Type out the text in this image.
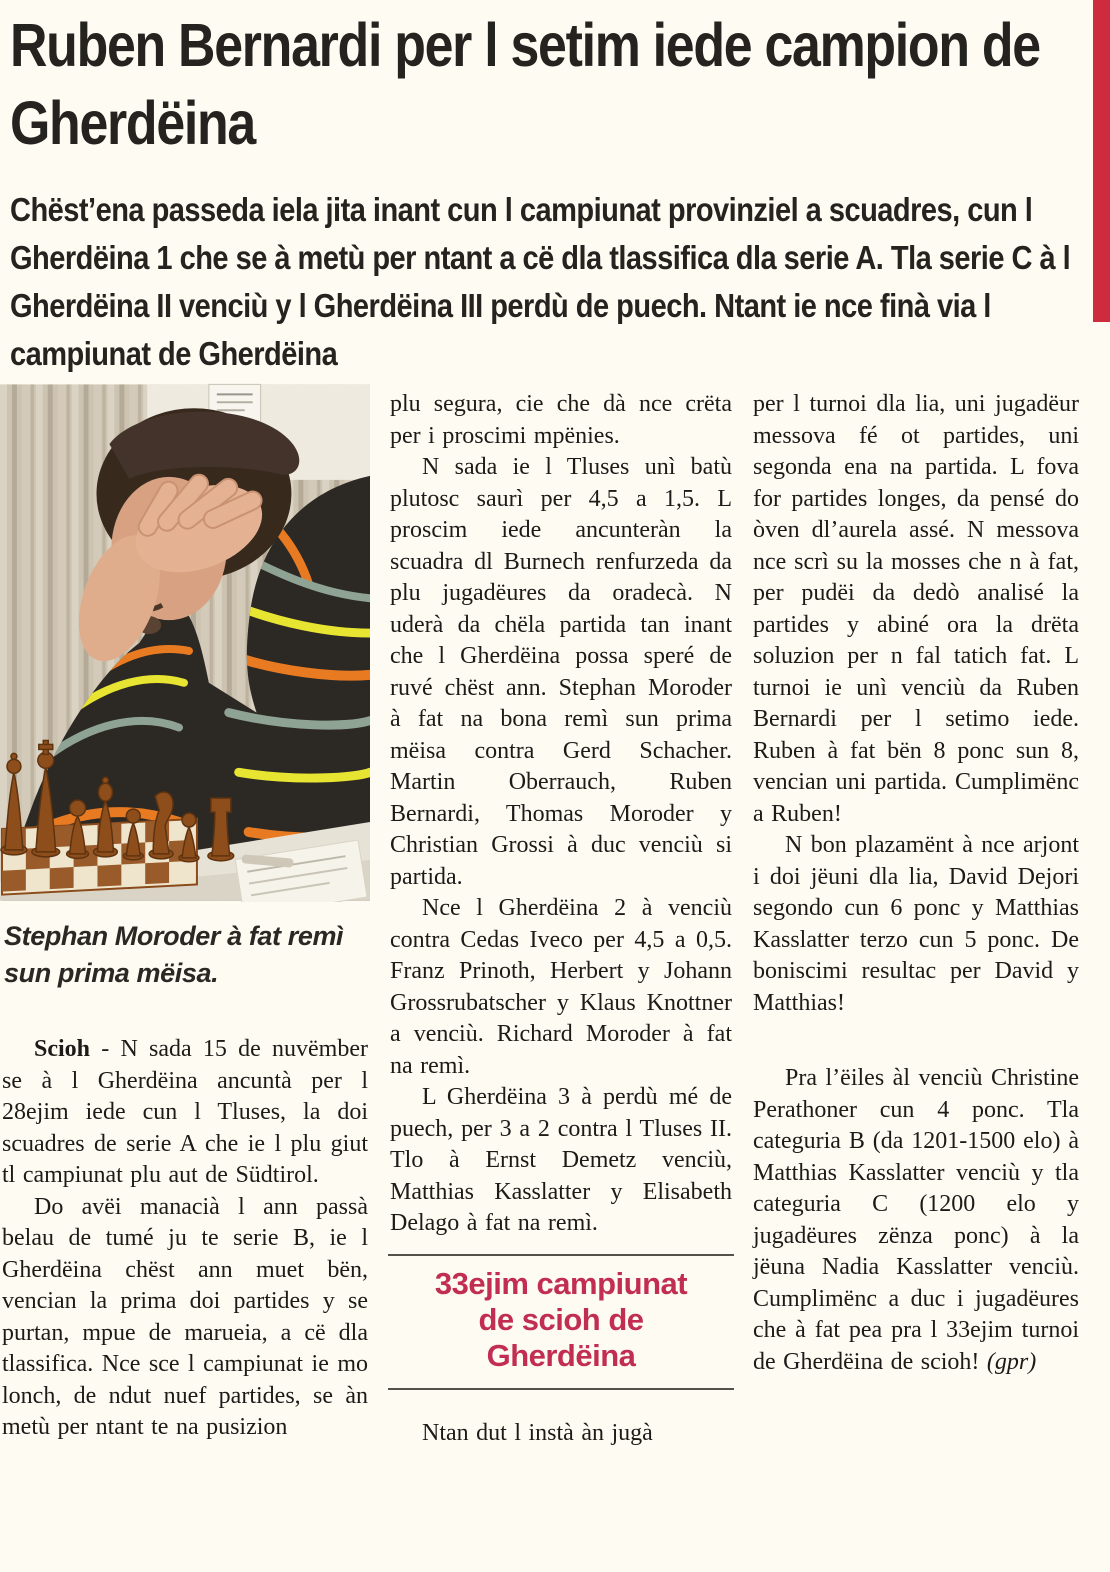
Ruben Bernardi per l setim iede campion de Gherdëina

Chëst’ena passeda iela jita inant cun l campiunat provinziel a scuadres, cun l Gherdëina 1 che se à metù per ntant a cë dla tlassifica dla serie A. Tla serie C à l Gherdëina II venciù y l Gherdëina III perdù de puech. Ntant ie nce finà via l campiunat de Gherdëina

Stephan Moroder à fat remì sun prima mëisa.

Scioh - N sada 15 de nuvëmber se à l Gherdëina ancuntà per l 28ejim iede cun l Tluses, la doi scuadres de serie A che ie l plu giut tl campiunat plu aut de Südtirol.

Do avëi manacià l ann passà belau de tumé ju te serie B, ie l Gherdëina chëst ann muet bën, vencian la prima doi partides y se purtan, mpue de marueia, a cë dla tlassifica. Nce sce l campiunat ie mo lonch, de ndut nuef partides, se àn metù per ntant te na pusizion

plu segura, cie che dà nce crëta per i proscimi mpënies.

N sada ie l Tluses unì batù plutosc saurì per 4,5 a 1,5. L proscim iede ancunteràn la scuadra dl Burnech renfurzeda da plu jugadëures da oradecà. N uderà da chëla partida tan inant che l Gherdëina possa speré de ruvé chëst ann. Stephan Moroder à fat na bona remì sun prima mëisa contra Gerd Schacher. Martin Oberrauch, Ruben Bernardi, Thomas Moroder y Christian Grossi à duc venciù si partida.

Nce l Gherdëina 2 à venciù contra Cedas Iveco per 4,5 a 0,5. Franz Prinoth, Herbert y Johann Grossrubatscher y Klaus Knottner a venciù. Richard Moroder à fat na remì.

L Gherdëina 3 à perdù mé de puech, per 3 a 2 contra l Tluses II. Tlo à Ernst Demetz venciù, Matthias Kasslatter y Elisabeth Delago à fat na remì.

33ejim campiunat de scioh de Gherdëina

Ntan dut l instà àn jugà

per l turnoi dla lia, uni jugadëur messova fé ot partides, uni segonda ena na partida. L fova for partides longes, da pensé do òven dl’aurela assé. N messova nce scrì su la mosses che n à fat, per pudëi da dedò analisé la partides y abiné ora la drëta soluzion per n fal tatich fat. L turnoi ie unì venciù da Ruben Bernardi per l setimo iede. Ruben à fat bën 8 ponc sun 8, vencian uni partida. Cumplimënc a Ruben!

N bon plazamënt à nce arjont i doi jëuni dla lia, David Dejori segondo cun 6 ponc y Matthias Kasslatter terzo cun 5 ponc. De boniscimi resultac per David y Matthias!

Pra l’ëiles àl venciù Christine Perathoner cun 4 ponc. Tla categuria B (da 1201-1500 elo) à Matthias Kasslatter venciù y tla categuria C (1200 elo y jugadëures zënza ponc) à la jëuna Nadia Kasslatter venciù. Cumplimënc a duc i jugadëures che à fat pea pra l 33ejim turnoi de Gherdëina de scioh! (gpr)
